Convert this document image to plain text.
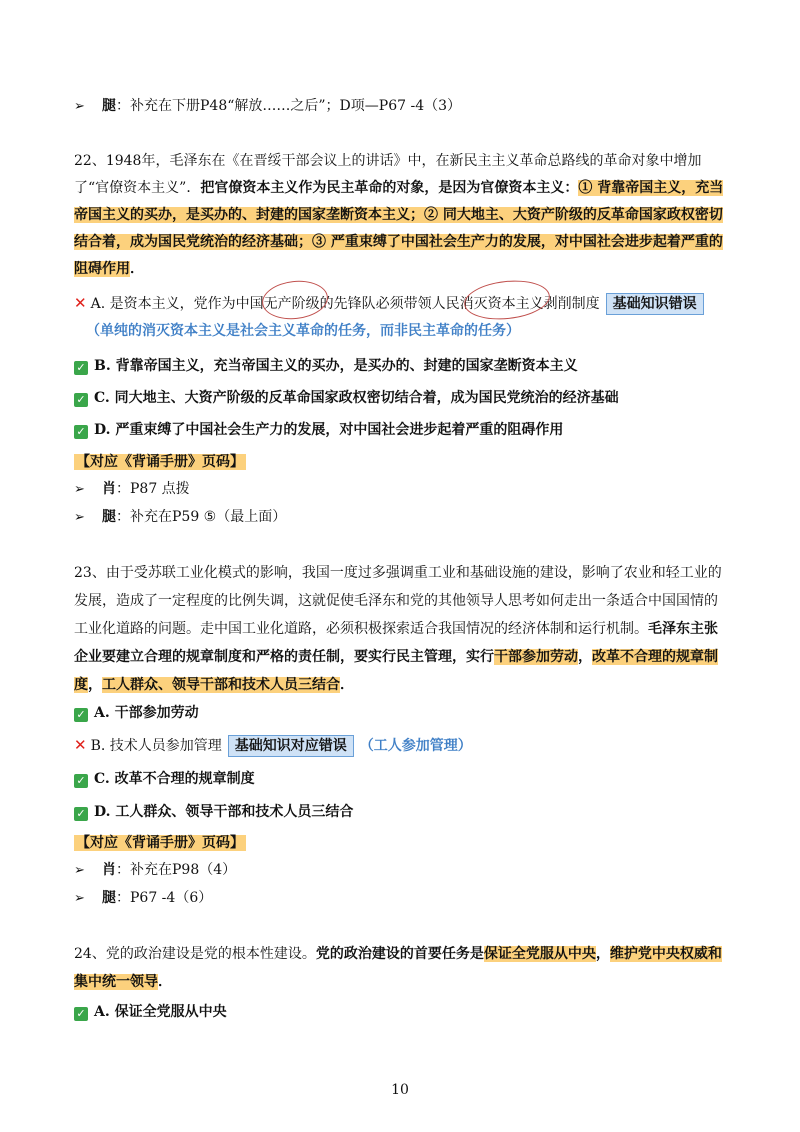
➢ 腿：补充在下册P48“解放……之后”；D项—P67 -4（3）
22、1948年，毛泽东在《在晋绥干部会议上的讲话》中，在新民主主义革命总路线的革命对象中增加了“官僚资本主义”．把官僚资本主义作为民主革命的对象，是因为官僚资本主义：① 背靠帝国主义，充当帝国主义的买办，是买办的、封建的国家垄断资本主义；② 同大地主、大资产阶级的反革命国家政权密切结合着，成为国民党统治的经济基础；③ 严重束缚了中国社会生产力的发展，对中国社会进步起着严重的阻碍作用．
✕ A. 是资本主义，党作为中国无产阶级的先锋队必须带领人民消灭资本主义剥削制度 基础知识错误
（单纯的消灭资本主义是社会主义革命的任务，而非民主革命的任务）
✓ B. 背靠帝国主义，充当帝国主义的买办，是买办的、封建的国家垄断资本主义
✓ C. 同大地主、大资产阶级的反革命国家政权密切结合着，成为国民党统治的经济基础
✓ D. 严重束缚了中国社会生产力的发展，对中国社会进步起着严重的阻碍作用
【对应《背诵手册》页码】
➢ 肖：P87 点拨
➢ 腿：补充在P59 ⑤（最上面）
23、由于受苏联工业化模式的影响，我国一度过多强调重工业和基础设施的建设，影响了农业和轻工业的发展，造成了一定程度的比例失调，这就促使毛泽东和党的其他领导人思考如何走出一条适合中国国情的工业化道路的问题。走中国工业化道路，必须积极探索适合我国情况的经济体制和运行机制。毛泽东主张企业要建立合理的规章制度和严格的责任制，要实行民主管理，实行干部参加劳动，改革不合理的规章制度，工人群众、领导干部和技术人员三结合．
✓ A. 干部参加劳动
✕ B. 技术人员参加管理 基础知识对应错误 （工人参加管理）
✓ C. 改革不合理的规章制度
✓ D. 工人群众、领导干部和技术人员三结合
【对应《背诵手册》页码】
➢ 肖：补充在P98（4）
➢ 腿：P67 -4（6）
24、党的政治建设是党的根本性建设。党的政治建设的首要任务是保证全党服从中央，维护党中央权威和集中统一领导．
✓ A. 保证全党服从中央
10
